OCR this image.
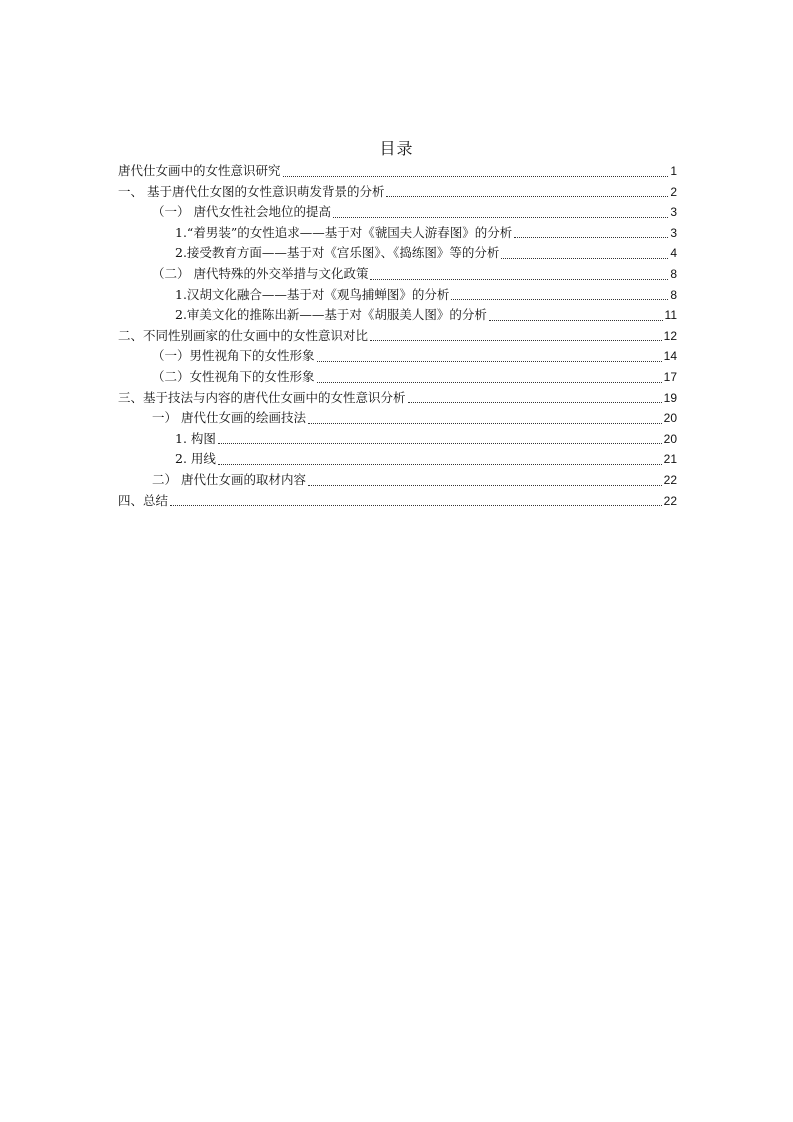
目录
唐代仕女画中的女性意识研究	1
一、 基于唐代仕女图的女性意识萌发背景的分析	2
（一） 唐代女性社会地位的提高	3
1.“着男装”的女性追求——基于对《虢国夫人游春图》的分析	3
2.接受教育方面——基于对《宫乐图》、《捣练图》等的分析	4
（二） 唐代特殊的外交举措与文化政策	8
1.汉胡文化融合——基于对《观鸟捕蝉图》的分析	8
2.审美文化的推陈出新——基于对《胡服美人图》的分析	11
二、不同性别画家的仕女画中的女性意识对比	12
（一）男性视角下的女性形象	14
（二）女性视角下的女性形象	17
三、基于技法与内容的唐代仕女画中的女性意识分析	19
一） 唐代仕女画的绘画技法	20
1. 构图	20
2. 用线	21
二） 唐代仕女画的取材内容	22
四、总结	22
